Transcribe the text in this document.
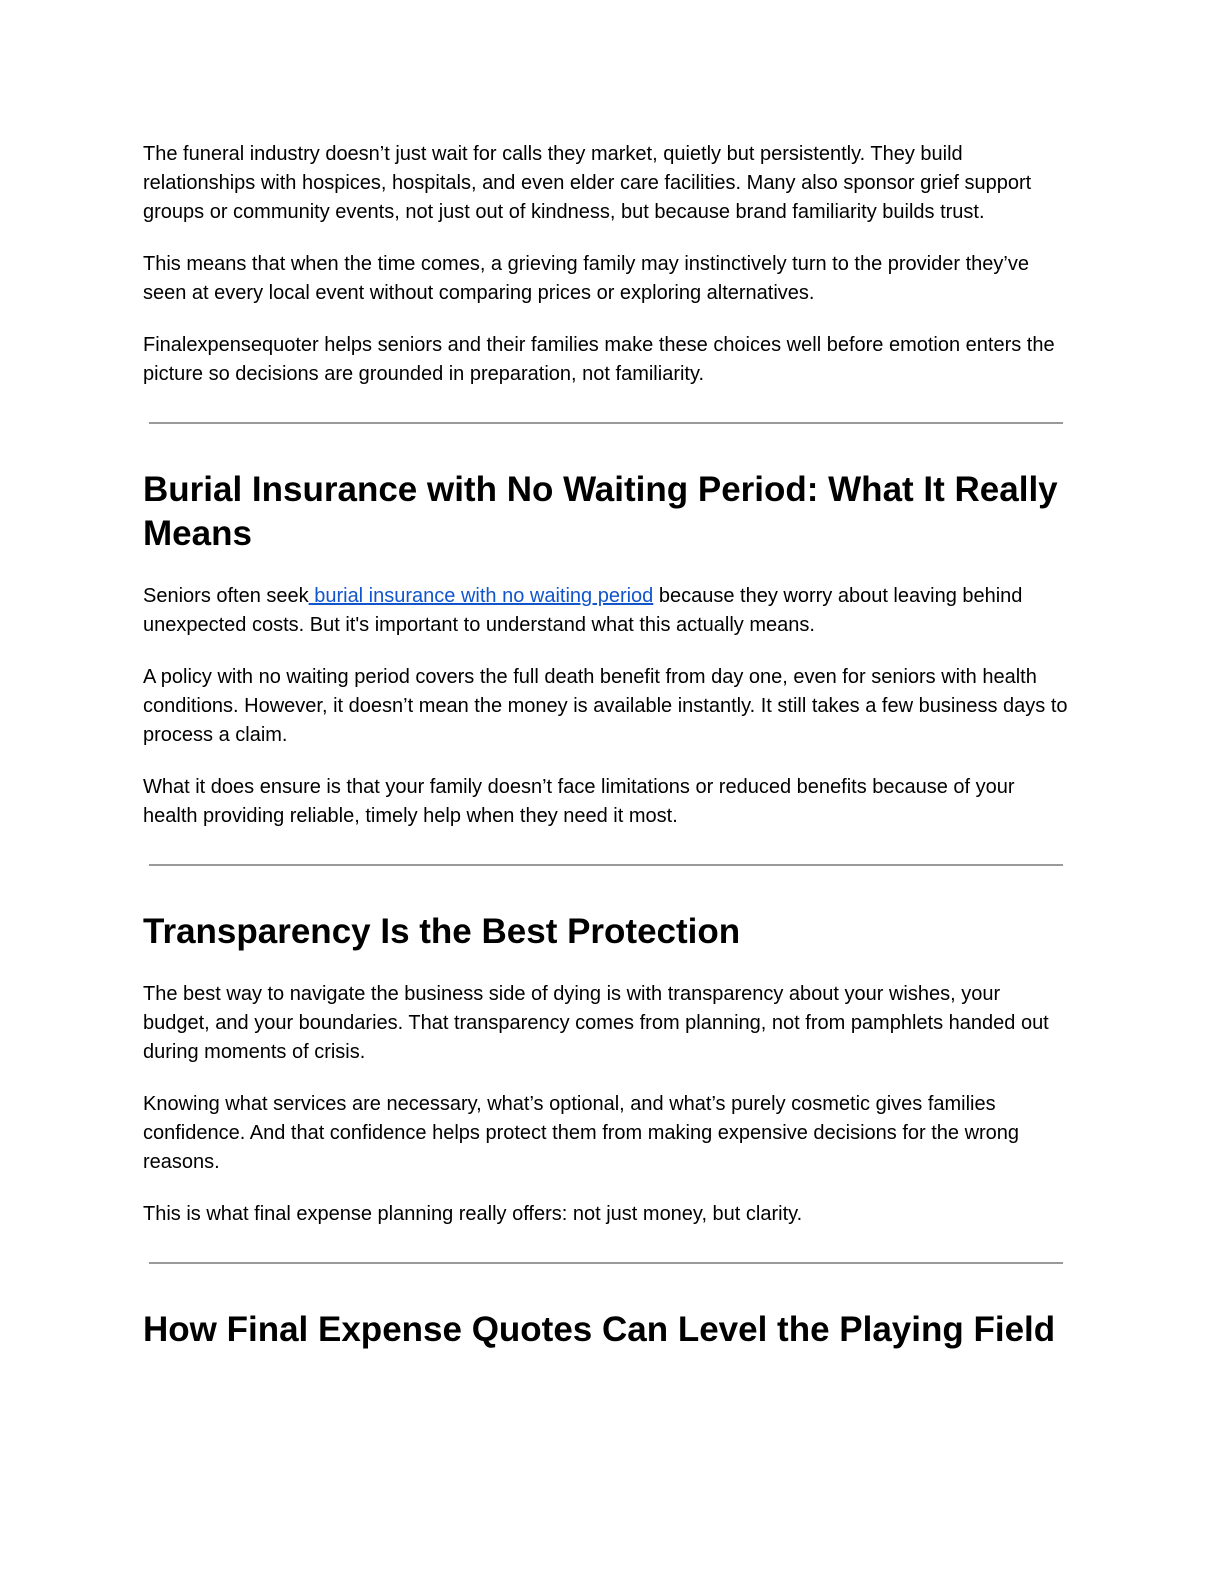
The funeral industry doesn’t just wait for calls they market, quietly but persistently. They build relationships with hospices, hospitals, and even elder care facilities. Many also sponsor grief support groups or community events, not just out of kindness, but because brand familiarity builds trust.

This means that when the time comes, a grieving family may instinctively turn to the provider they’ve seen at every local event without comparing prices or exploring alternatives.

Finalexpensequoter helps seniors and their families make these choices well before emotion enters the picture so decisions are grounded in preparation, not familiarity.

Burial Insurance with No Waiting Period: What It Really Means

Seniors often seek burial insurance with no waiting period because they worry about leaving behind unexpected costs. But it's important to understand what this actually means.

A policy with no waiting period covers the full death benefit from day one, even for seniors with health conditions. However, it doesn’t mean the money is available instantly. It still takes a few business days to process a claim.

What it does ensure is that your family doesn’t face limitations or reduced benefits because of your health providing reliable, timely help when they need it most.

Transparency Is the Best Protection

The best way to navigate the business side of dying is with transparency about your wishes, your budget, and your boundaries. That transparency comes from planning, not from pamphlets handed out during moments of crisis.

Knowing what services are necessary, what’s optional, and what’s purely cosmetic gives families confidence. And that confidence helps protect them from making expensive decisions for the wrong reasons.

This is what final expense planning really offers: not just money, but clarity.

How Final Expense Quotes Can Level the Playing Field
